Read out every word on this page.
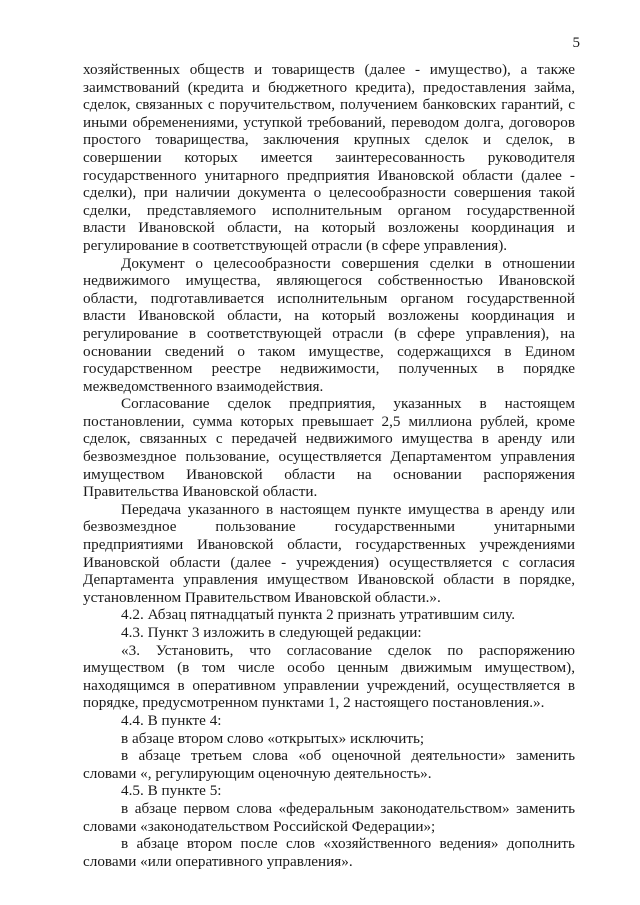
5
хозяйственных обществ и товариществ (далее - имущество), а также
заимствований (кредита и бюджетного кредита), предоставления займа,
сделок, связанных с поручительством, получением банковских гарантий, с
иными обременениями, уступкой требований, переводом долга, договоров
простого товарищества, заключения крупных сделок и сделок, в
совершении которых имеется заинтересованность руководителя
государственного унитарного предприятия Ивановской области (далее -
сделки), при наличии документа о целесообразности совершения такой
сделки, представляемого исполнительным органом государственной
власти Ивановской области, на который возложены координация и
регулирование в соответствующей отрасли (в сфере управления).
Документ о целесообразности совершения сделки в отношении
недвижимого имущества, являющегося собственностью Ивановской
области, подготавливается исполнительным органом государственной
власти Ивановской области, на который возложены координация и
регулирование в соответствующей отрасли (в сфере управления), на
основании сведений о таком имуществе, содержащихся в Едином
государственном реестре недвижимости, полученных в порядке
межведомственного взаимодействия.
Согласование сделок предприятия, указанных в настоящем
постановлении, сумма которых превышает 2,5 миллиона рублей, кроме
сделок, связанных с передачей недвижимого имущества в аренду или
безвозмездное пользование, осуществляется Департаментом управления
имуществом Ивановской области на основании распоряжения
Правительства Ивановской области.
Передача указанного в настоящем пункте имущества в аренду или
безвозмездное пользование государственными унитарными
предприятиями Ивановской области, государственных учреждениями
Ивановской области (далее - учреждения) осуществляется с согласия
Департамента управления имуществом Ивановской области в порядке,
установленном Правительством Ивановской области.».
4.2. Абзац пятнадцатый пункта 2 признать утратившим силу.
4.3. Пункт 3 изложить в следующей редакции:
«3. Установить, что согласование сделок по распоряжению
имуществом (в том числе особо ценным движимым имуществом),
находящимся в оперативном управлении учреждений, осуществляется в
порядке, предусмотренном пунктами 1, 2 настоящего постановления.».
4.4. В пункте 4:
в абзаце втором слово «открытых» исключить;
в абзаце третьем слова «об оценочной деятельности» заменить
словами «, регулирующим оценочную деятельность».
4.5. В пункте 5:
в абзаце первом слова «федеральным законодательством» заменить
словами «законодательством Российской Федерации»;
в абзаце втором после слов «хозяйственного ведения» дополнить
словами «или оперативного управления».
